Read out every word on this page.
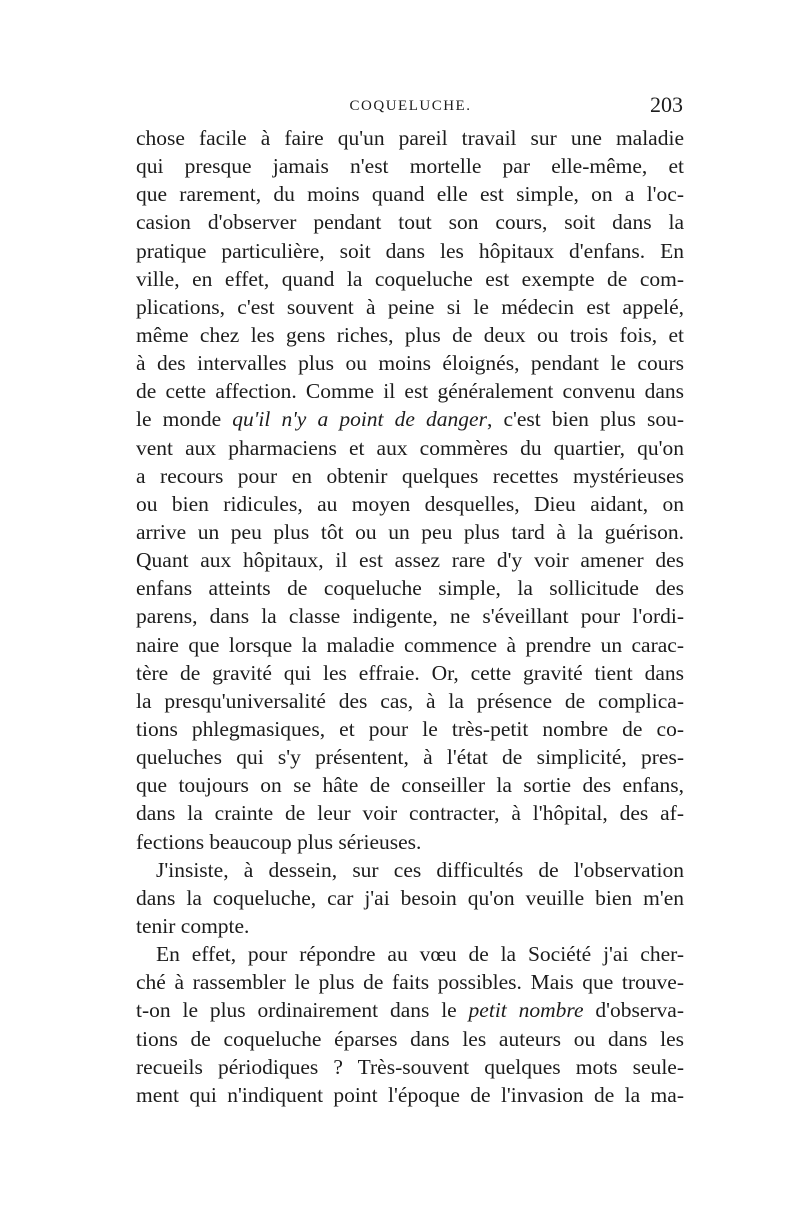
COQUELUCHE.	203
chose facile à faire qu'un pareil travail sur une maladie
qui presque jamais n'est mortelle par elle-même, et
que rarement, du moins quand elle est simple, on a l'oc-
casion d'observer pendant tout son cours, soit dans la
pratique particulière, soit dans les hôpitaux d'enfans. En
ville, en effet, quand la coqueluche est exempte de com-
plications, c'est souvent à peine si le médecin est appelé,
même chez les gens riches, plus de deux ou trois fois, et
à des intervalles plus ou moins éloignés, pendant le cours
de cette affection. Comme il est généralement convenu dans
le monde qu'il n'y a point de danger, c'est bien plus sou-
vent aux pharmaciens et aux commères du quartier, qu'on
a recours pour en obtenir quelques recettes mystérieuses
ou bien ridicules, au moyen desquelles, Dieu aidant, on
arrive un peu plus tôt ou un peu plus tard à la guérison.
Quant aux hôpitaux, il est assez rare d'y voir amener des
enfans atteints de coqueluche simple, la sollicitude des
parens, dans la classe indigente, ne s'éveillant pour l'ordi-
naire que lorsque la maladie commence à prendre un carac-
tère de gravité qui les effraie. Or, cette gravité tient dans
la presqu'universalité des cas, à la présence de complica-
tions phlegmasiques, et pour le très-petit nombre de co-
queluches qui s'y présentent, à l'état de simplicité, pres-
que toujours on se hâte de conseiller la sortie des enfans,
dans la crainte de leur voir contracter, à l'hôpital, des af-
fections beaucoup plus sérieuses.
J'insiste, à dessein, sur ces difficultés de l'observation
dans la coqueluche, car j'ai besoin qu'on veuille bien m'en
tenir compte.
En effet, pour répondre au vœu de la Société j'ai cher-
ché à rassembler le plus de faits possibles. Mais que trouve-
t-on le plus ordinairement dans le petit nombre d'observa-
tions de coqueluche éparses dans les auteurs ou dans les
recueils périodiques ? Très-souvent quelques mots seule-
ment qui n'indiquent point l'époque de l'invasion de la ma-
